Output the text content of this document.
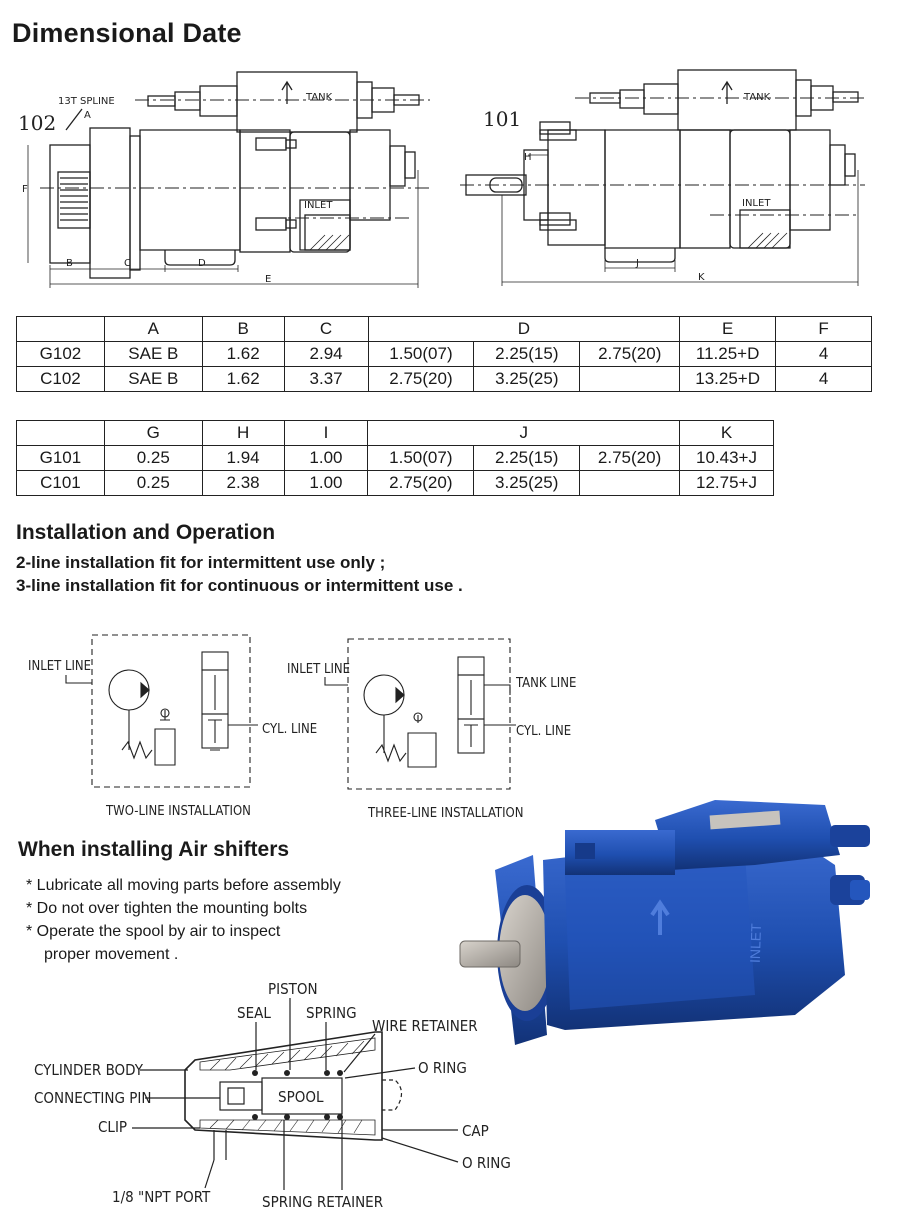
Dimensional Date
102
13T SPLINE
A
TANK
INLET
F
B	C	D
E
101
TANK
INLET
H
J
K
	A	B	C	D			E	F
G102	SAE B	1.62	2.94	1.50(07)	2.25(15)	2.75(20)	11.25+D	4
C102	SAE B	1.62	3.37	2.75(20)	3.25(25)		13.25+D	4
	G	H	I	J			K
G101	0.25	1.94	1.00	1.50(07)	2.25(15)	2.75(20)	10.43+J
C101	0.25	2.38	1.00	2.75(20)	3.25(25)		12.75+J
Installation and Operation
2-line installation fit for intermittent use only ;
3-line installation fit for continuous or intermittent use .
INLET LINE
CYL. LINE
TWO-LINE INSTALLATION
INLET LINE
TANK LINE
CYL. LINE
THREE-LINE INSTALLATION
When installing Air shifters
* Lubricate all moving parts before assembly
* Do not over tighten the mounting bolts
* Operate the spool by air to inspect
proper movement .	INLET
PISTON
SEAL SPRING
WIRE RETAINER
CYLINDER BODY	O RING
CONNECTING PIN
CLIP	CAP
O RING
1/8 "NPT PORT	SPRING RETAINER
SPOOL
